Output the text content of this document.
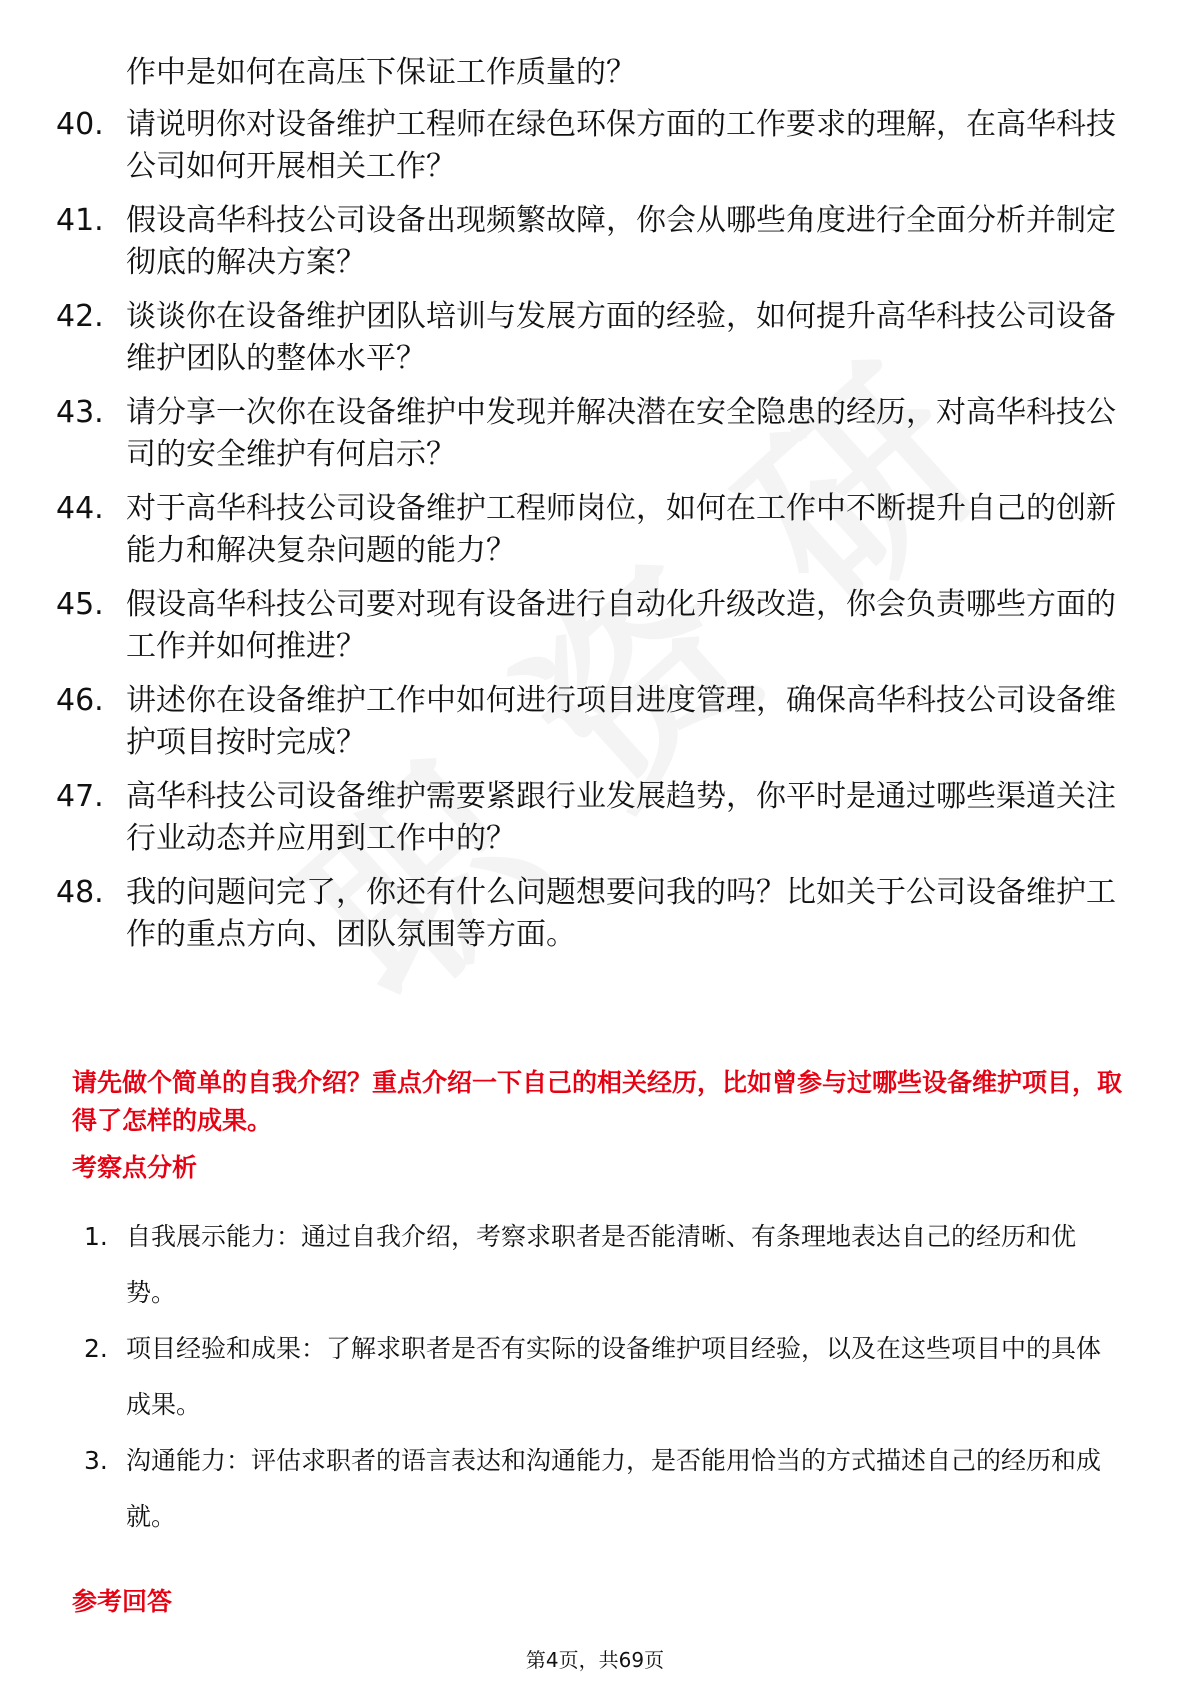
作中是如何在高压下保证工作质量的？
40. 请说明你对设备维护工程师在绿色环保方面的工作要求的理解，在高华科技公司如何开展相关工作？
41. 假设高华科技公司设备出现频繁故障，你会从哪些角度进行全面分析并制定彻底的解决方案？
42. 谈谈你在设备维护团队培训与发展方面的经验，如何提升高华科技公司设备维护团队的整体水平？
43. 请分享一次你在设备维护中发现并解决潜在安全隐患的经历，对高华科技公司的安全维护有何启示？
44. 对于高华科技公司设备维护工程师岗位，如何在工作中不断提升自己的创新能力和解决复杂问题的能力？
45. 假设高华科技公司要对现有设备进行自动化升级改造，你会负责哪些方面的工作并如何推进？
46. 讲述你在设备维护工作中如何进行项目进度管理，确保高华科技公司设备维护项目按时完成？
47. 高华科技公司设备维护需要紧跟行业发展趋势，你平时是通过哪些渠道关注行业动态并应用到工作中的？
48. 我的问题问完了，你还有什么问题想要问我的吗？比如关于公司设备维护工作的重点方向、团队氛围等方面。
请先做个简单的自我介绍？重点介绍一下自己的相关经历，比如曾参与过哪些设备维护项目，取得了怎样的成果。
考察点分析
1. 自我展示能力：通过自我介绍，考察求职者是否能清晰、有条理地表达自己的经历和优势。
2. 项目经验和成果：了解求职者是否有实际的设备维护项目经验，以及在这些项目中的具体成果。
3. 沟通能力：评估求职者的语言表达和沟通能力，是否能用恰当的方式描述自己的经历和成就。
参考回答
第4页，共69页
